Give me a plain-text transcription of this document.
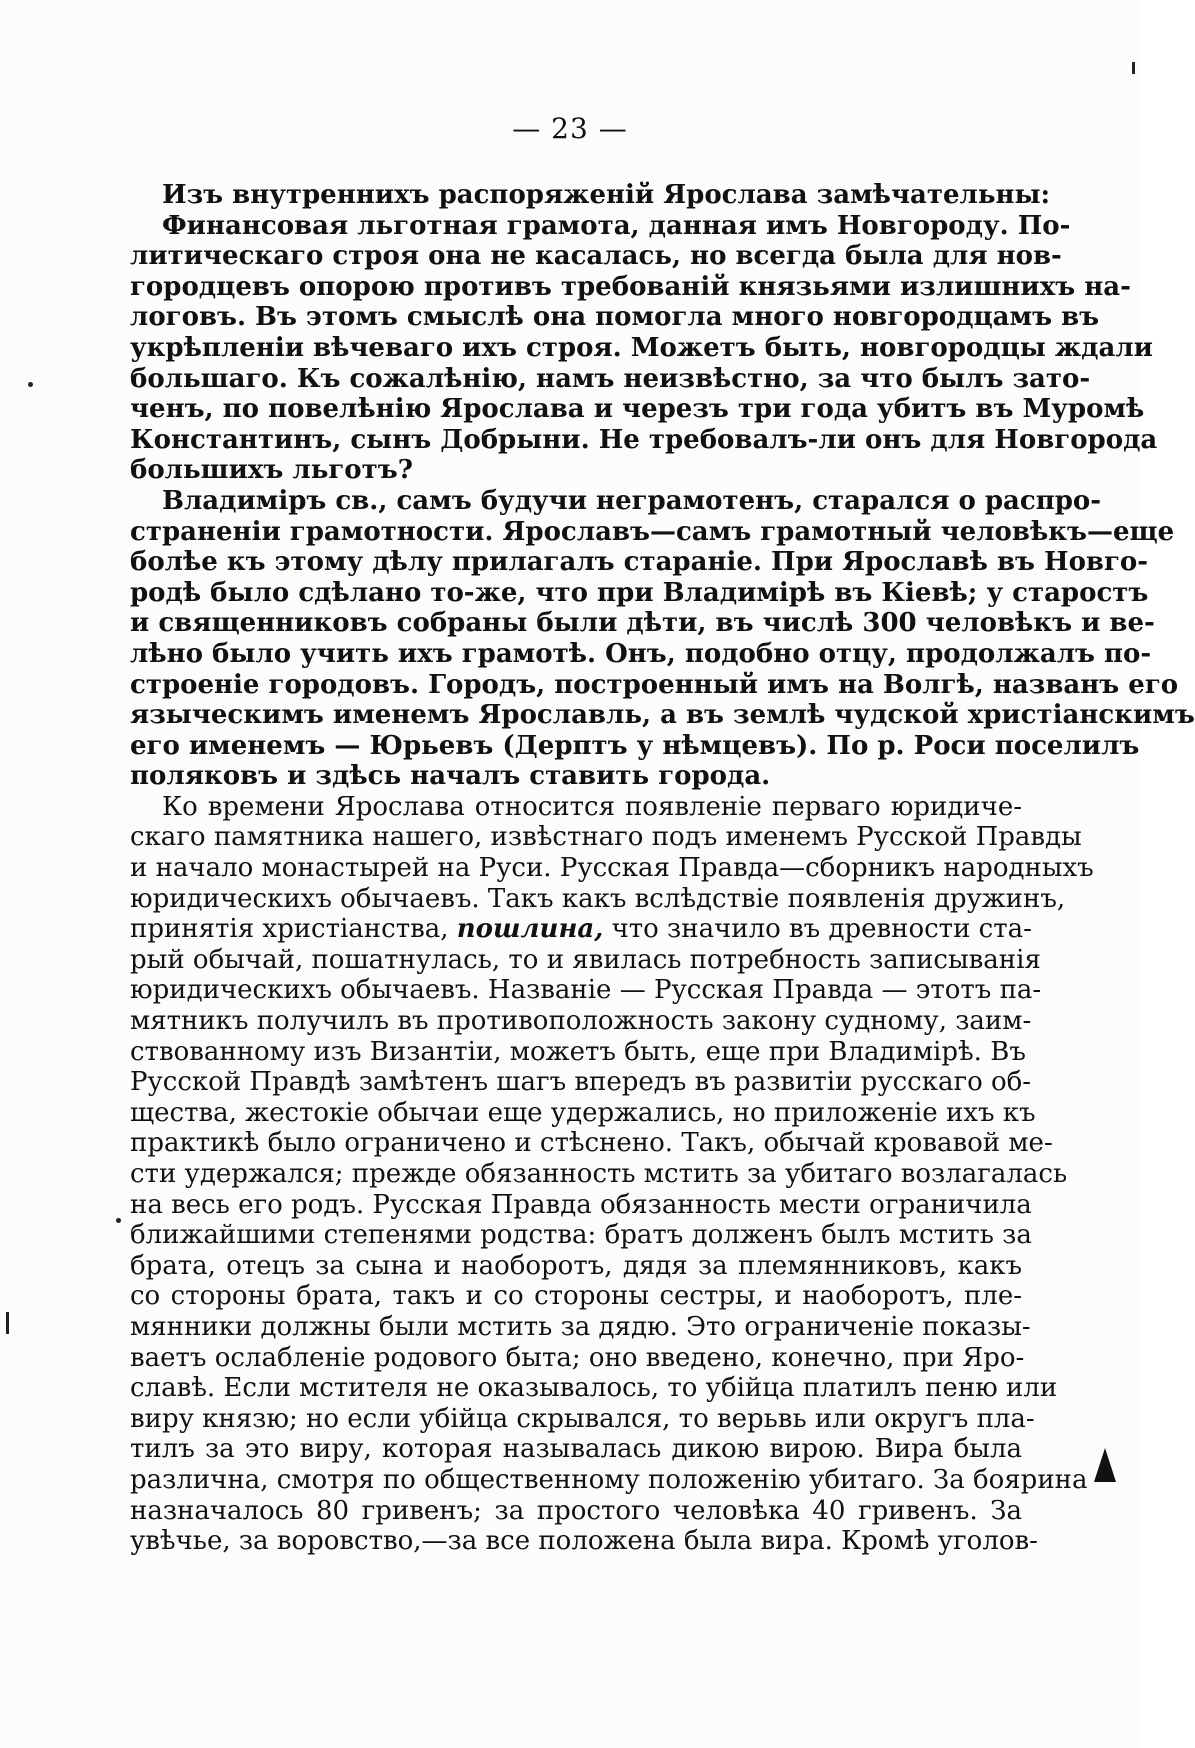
— 23 —
Изъ внутреннихъ распоряженій Ярослава замѣчательны:
Финансовая льготная грамота, данная имъ Новгороду. По-
литическаго строя она не касалась, но всегда была для нов-
городцевъ опорою противъ требованій князьями излишнихъ на-
логовъ. Въ этомъ смыслѣ она помогла много новгородцамъ въ
укрѣпленіи вѣчеваго ихъ строя. Можетъ быть, новгородцы ждали
большаго. Къ сожалѣнію, намъ неизвѣстно, за что былъ зато-
ченъ, по повелѣнію Ярослава и черезъ три года убитъ въ Муромѣ
Константинъ, сынъ Добрыни. Не требовалъ-ли онъ для Новгорода
большихъ льготъ?
Владиміръ св., самъ будучи неграмотенъ, старался о распро-
страненіи грамотности. Ярославъ—самъ грамотный человѣкъ—еще
болѣе къ этому дѣлу прилагалъ стараніе. При Ярославѣ въ Новго-
родѣ было сдѣлано то-же, что при Владимірѣ въ Кіевѣ; у старостъ
и священниковъ собраны были дѣти, въ числѣ 300 человѣкъ и ве-
лѣно было учить ихъ грамотѣ. Онъ, подобно отцу, продолжалъ по-
строеніе городовъ. Городъ, построенный имъ на Волгѣ, названъ его
языческимъ именемъ Ярославль, а въ землѣ чудской христіанскимъ
его именемъ — Юрьевъ (Дерптъ у нѣмцевъ). По р. Роси поселилъ
поляковъ и здѣсь началъ ставить города.
Ко времени Ярослава относится появленіе перваго юридиче-
скаго памятника нашего, извѣстнаго подъ именемъ Русской Правды
и начало монастырей на Руси. Русская Правда—сборникъ народныхъ
юридическихъ обычаевъ. Такъ какъ вслѣдствіе появленія дружинъ,
принятія христіанства, пошлина, что значило въ древности ста-
рый обычай, пошатнулась, то и явилась потребность записыванія
юридическихъ обычаевъ. Названіе — Русская Правда — этотъ па-
мятникъ получилъ въ противоположность закону судному, заим-
ствованному изъ Византіи, можетъ быть, еще при Владимірѣ. Въ
Русской Правдѣ замѣтенъ шагъ впередъ въ развитіи русскаго об-
щества, жестокіе обычаи еще удержались, но приложеніе ихъ къ
практикѣ было ограничено и стѣснено. Такъ, обычай кровавой ме-
сти удержался; прежде обязанность мстить за убитаго возлагалась
на весь его родъ. Русская Правда обязанность мести ограничила
ближайшими степенями родства: братъ долженъ былъ мстить за
брата, отецъ за сына и наоборотъ, дядя за племянниковъ, какъ
со стороны брата, такъ и со стороны сестры, и наоборотъ, пле-
мянники должны были мстить за дядю. Это ограниченіе показы-
ваетъ ослабленіе родового быта; оно введено, конечно, при Яро-
славѣ. Если мстителя не оказывалось, то убійца платилъ пеню или
виру князю; но если убійца скрывался, то верьвь или округъ пла-
тилъ за это виру, которая называлась дикою вирою. Вира была
различна, смотря по общественному положенію убитаго. За боярина
назначалось 80 гривенъ; за простого человѣка 40 гривенъ. За
увѣчье, за воровство,—за все положена была вира. Кромѣ уголов-
